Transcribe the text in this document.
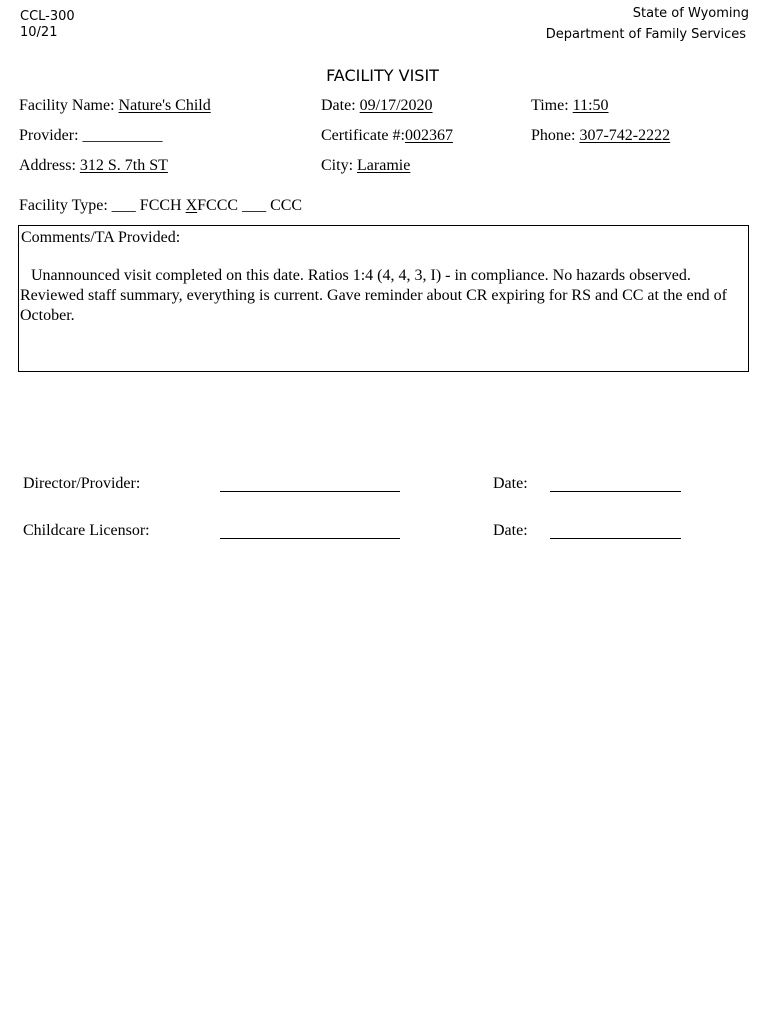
CCL-300
10/21
State of Wyoming
Department of Family Services
FACILITY VISIT
Facility Name: Nature's Child	Date: 09/17/2020	Time: 11:50
Provider: __________	Certificate #:002367	Phone: 307-742-2222
Address: 312 S. 7th ST	City: Laramie
Facility Type: ___ FCCH XFCCC ___ CCC
Comments/TA Provided:
Unannounced visit completed on this date. Ratios 1:4 (4, 4, 3, I) - in compliance. No hazards observed. Reviewed staff summary, everything is current. Gave reminder about CR expiring for RS and CC at the end of October.
Director/Provider:	Date:
Childcare Licensor:	Date:
